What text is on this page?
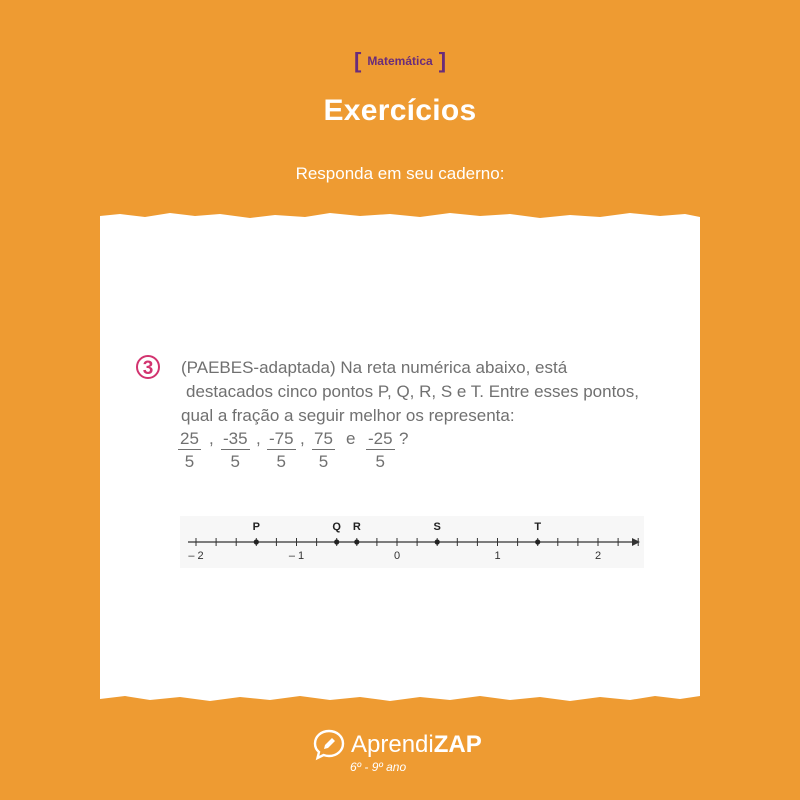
[ Matemática ]
Exercícios
Responda em seu caderno:
3	(PAEBES-adaptada) Na reta numérica abaixo, está
destacados cinco pontos P, Q, R, S e T. Entre esses pontos,
qual a fração a seguir melhor os representa:
$\frac{25}{5}$ , $\frac{-35}{5}$ , $\frac{-75}{5}$ , $\frac{75}{5}$ e $\frac{-25}{5}$ ?
– 2	– 1	0	1	2
P	Q R	S	T
AprendiZAP
6º - 9º ano
